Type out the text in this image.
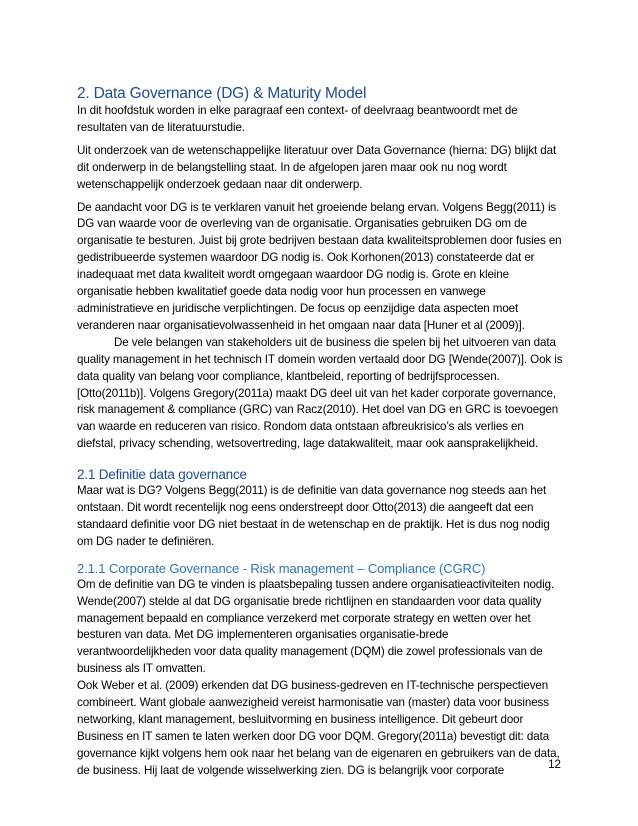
2. Data Governance (DG) & Maturity Model

In dit hoofdstuk worden in elke paragraaf een context- of deelvraag beantwoordt met de resultaten van de literatuurstudie.

Uit onderzoek van de wetenschappelijke literatuur over Data Governance (hierna: DG) blijkt dat dit onderwerp in de belangstelling staat. In de afgelopen jaren maar ook nu nog wordt wetenschappelijk onderzoek gedaan naar dit onderwerp.

De aandacht voor DG is te verklaren vanuit het groeiende belang ervan. Volgens Begg(2011) is DG van waarde voor de overleving van de organisatie. Organisaties gebruiken DG om de organisatie te besturen. Juist bij grote bedrijven bestaan data kwaliteitsproblemen door fusies en gedistribueerde systemen waardoor DG nodig is. Ook Korhonen(2013) constateerde dat er inadequaat met data kwaliteit wordt omgegaan waardoor DG nodig is. Grote en kleine organisatie hebben kwalitatief goede data nodig voor hun processen en vanwege administratieve en juridische verplichtingen. De focus op eenzijdige data aspecten moet veranderen naar organisatievolwassenheid in het omgaan naar data [Huner et al (2009)].

De vele belangen van stakeholders uit de business die spelen bij het uitvoeren van data quality management in het technisch IT domein worden vertaald door DG [Wende(2007)]. Ook is data quality van belang voor compliance, klantbeleid, reporting of bedrijfsprocessen. [Otto(2011b)]. Volgens Gregory(2011a) maakt DG deel uit van het kader corporate governance, risk management & compliance (GRC) van Racz(2010). Het doel van DG en GRC is toevoegen van waarde en reduceren van risico. Rondom data ontstaan afbreukrisico’s als verlies en diefstal, privacy schending, wetsovertreding, lage datakwaliteit, maar ook aansprakelijkheid.

2.1 Definitie data governance

Maar wat is DG? Volgens Begg(2011) is de definitie van data governance nog steeds aan het ontstaan. Dit wordt recentelijk nog eens onderstreept door Otto(2013) die aangeeft dat een standaard definitie voor DG niet bestaat in de wetenschap en de praktijk. Het is dus nog nodig om DG nader te definiëren.

2.1.1 Corporate Governance - Risk management – Compliance (CGRC)

Om de definitie van DG te vinden is plaatsbepaling tussen andere organisatieactiviteiten nodig. Wende(2007) stelde al dat DG organisatie brede richtlijnen en standaarden voor data quality management bepaald en compliance verzekerd met corporate strategy en wetten over het besturen van data. Met DG implementeren organisaties organisatie-brede verantwoordelijkheden voor data quality management (DQM) die zowel professionals van de business als IT omvatten.

Ook Weber et al. (2009) erkenden dat DG business-gedreven en IT-technische perspectieven combineert. Want globale aanwezigheid vereist harmonisatie van (master) data voor business networking, klant management, besluitvorming en business intelligence. Dit gebeurt door Business en IT samen te laten werken door DG voor DQM. Gregory(2011a) bevestigt dit: data governance kijkt volgens hem ook naar het belang van de eigenaren en gebruikers van de data, de business. Hij laat de volgende wisselwerking zien. DG is belangrijk voor corporate	12
